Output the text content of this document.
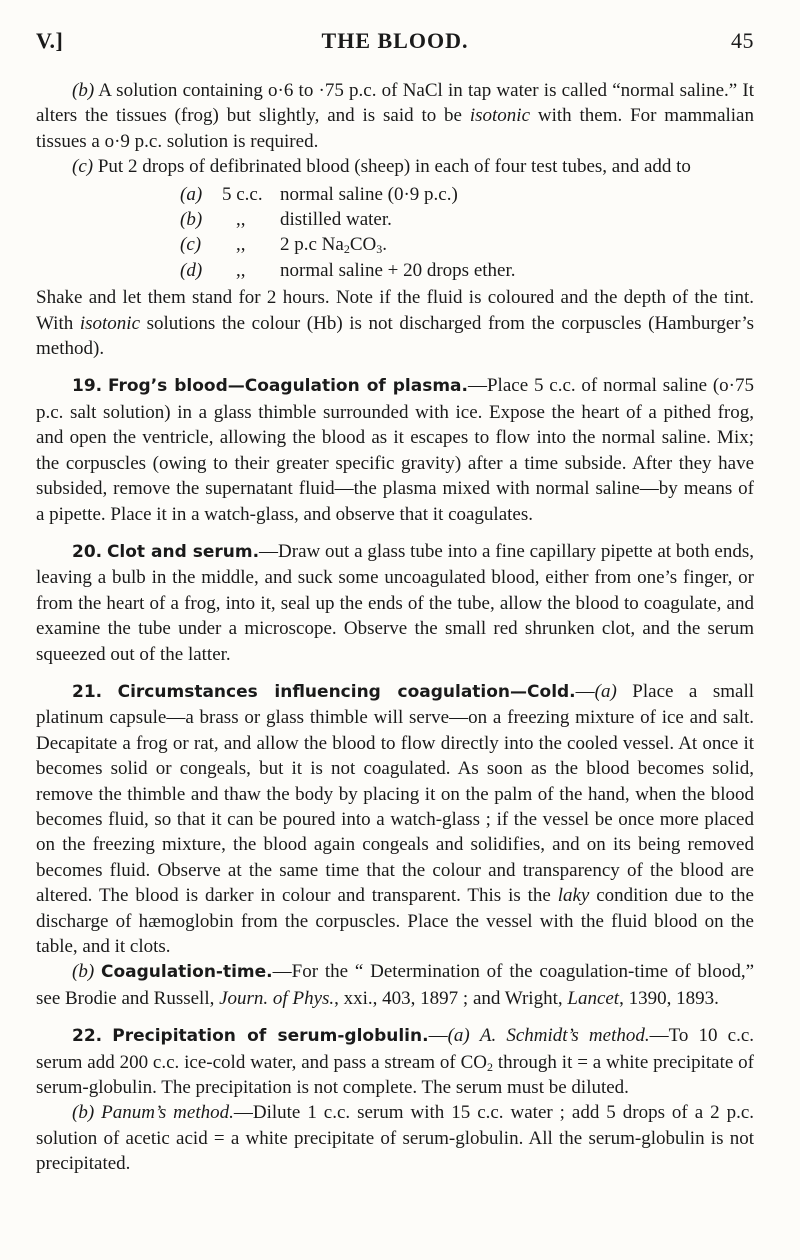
V.]	THE BLOOD.	45

(b) A solution containing o·6 to ·75 p.c. of NaCl in tap water is called “normal saline.” It alters the tissues (frog) but slightly, and is said to be isotonic with them. For mammalian tissues a o·9 p.c. solution is required.

(c) Put 2 drops of defibrinated blood (sheep) in each of four test tubes, and add to

(a)	5 c.c. normal saline (0·9 p.c.)
(b)	,,	distilled water.
(c)	,,	2 p.c $Na_2CO_3$.
(d)	,,	normal saline + 20 drops ether.

Shake and let them stand for 2 hours. Note if the fluid is coloured and the depth of the tint. With isotonic solutions the colour (Hb) is not discharged from the corpuscles (Hamburger’s method).

19. Frog’s blood—Coagulation of plasma.—Place 5 c.c. of normal saline (o·75 p.c. salt solution) in a glass thimble surrounded with ice. Expose the heart of a pithed frog, and open the ventricle, allowing the blood as it escapes to flow into the normal saline. Mix; the corpuscles (owing to their greater specific gravity) after a time subside. After they have subsided, remove the supernatant fluid—the plasma mixed with normal saline—by means of a pipette. Place it in a watch-glass, and observe that it coagulates.

20. Clot and serum.—Draw out a glass tube into a fine capillary pipette at both ends, leaving a bulb in the middle, and suck some uncoagulated blood, either from one’s finger, or from the heart of a frog, into it, seal up the ends of the tube, allow the blood to coagulate, and examine the tube under a microscope. Observe the small red shrunken clot, and the serum squeezed out of the latter.

21. Circumstances influencing coagulation—Cold.—(a) Place a small platinum capsule—a brass or glass thimble will serve—on a freezing mixture of ice and salt. Decapitate a frog or rat, and allow the blood to flow directly into the cooled vessel. At once it becomes solid or congeals, but it is not coagulated. As soon as the blood becomes solid, remove the thimble and thaw the body by placing it on the palm of the hand, when the blood becomes fluid, so that it can be poured into a watch-glass ; if the vessel be once more placed on the freezing mixture, the blood again congeals and solidifies, and on its being removed becomes fluid. Observe at the same time that the colour and transparency of the blood are altered. The blood is darker in colour and transparent. This is the laky condition due to the discharge of hæmoglobin from the corpuscles. Place the vessel with the fluid blood on the table, and it clots.

(b) Coagulation-time.—For the “ Determination of the coagulation-time of blood,” see Brodie and Russell, Journ. of Phys., xxi., 403, 1897 ; and Wright, Lancet, 1390, 1893.

22. Precipitation of serum-globulin.—(a) A. Schmidt’s method.—To 10 c.c. serum add 200 c.c. ice-cold water, and pass a stream of $CO_2$ through it = a white precipitate of serum-globulin. The precipitation is not complete. The serum must be diluted.

(b) Panum’s method.—Dilute 1 c.c. serum with 15 c.c. water ; add 5 drops of a 2 p.c. solution of acetic acid = a white precipitate of serum-globulin. All the serum-globulin is not precipitated.
